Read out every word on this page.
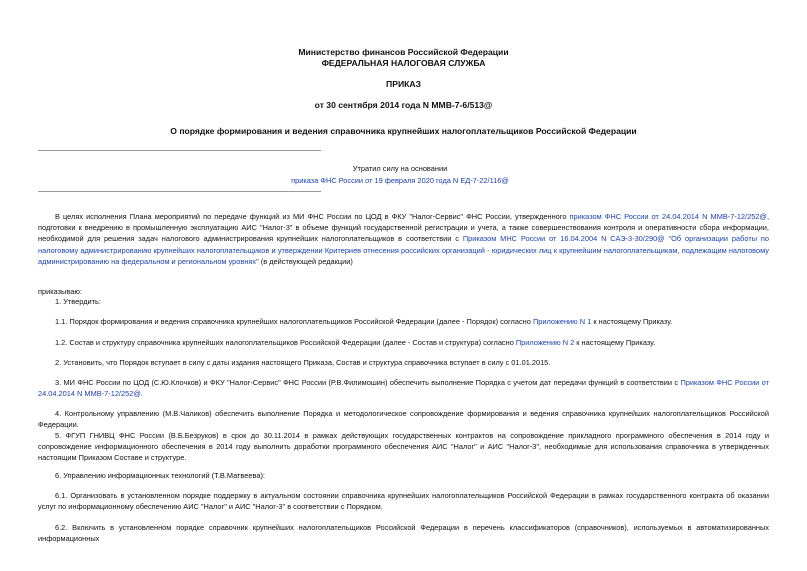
Министерство финансов Российской Федерации
ФЕДЕРАЛЬНАЯ НАЛОГОВАЯ СЛУЖБА
ПРИКАЗ
от 30 сентября 2014 года N ММВ-7-6/513@
О порядке формирования и ведения справочника крупнейших налогоплательщиков Российской Федерации
Утратил силу на основании
приказа ФНС России от 19 февраля 2020 года N ЕД-7-22/116@
В целях исполнения Плана мероприятий по передаче функций из МИ ФНС России по ЦОД в ФКУ "Налог-Сервис" ФНС России, утвержденного приказом ФНС России от 24.04.2014 N ММВ-7-12/252@, подготовки к внедрению в промышленную эксплуатацию АИС "Налог-3" в объеме функций государственной регистрации и учета, а также совершенствования контроля и оперативности сбора информации, необходимой для решения задач налогового администрирования крупнейших налогоплательщиков в соответствии с Приказом МНС России от 16.04.2004 N САЭ-3-30/290@ "Об организации работы по налоговому администрированию крупнейших налогоплательщиков и утверждении Критериев отнесения российских организаций - юридических лиц к крупнейшим налогоплательщикам, подлежащим налоговому администрированию на федеральном и региональном уровнях" (в действующей редакции)
приказываю:
1. Утвердить:
1.1. Порядок формирования и ведения справочника крупнейших налогоплательщиков Российской Федерации (далее - Порядок) согласно Приложению N 1 к настоящему Приказу.
1.2. Состав и структуру справочника крупнейших налогоплательщиков Российской Федерации (далее - Состав и структура) согласно Приложению N 2 к настоящему Приказу.
2. Установить, что Порядок вступает в силу с даты издания настоящего Приказа, Состав и структура справочника вступает в силу с 01.01.2015.
3. МИ ФНС России по ЦОД (С.Ю.Клочков) и ФКУ "Налог-Сервис" ФНС России (Р.В.Филимошин) обеспечить выполнение Порядка с учетом дат передачи функций в соответствии с Приказом ФНС России от 24.04.2014 N ММВ-7-12/252@.
4. Контрольному управлению (М.В.Чаликов) обеспечить выполнение Порядка и методологическое сопровождение формирования и ведения справочника крупнейших налогоплательщиков Российской Федерации.
5. ФГУП ГНИВЦ ФНС России (В.Б.Безруков) в срок до 30.11.2014 в рамках действующих государственных контрактов на сопровождение прикладного программного обеспечения в 2014 году и сопровождение информационного обеспечения в 2014 году выполнить доработки программного обеспечения АИС "Налог" и АИС "Налог-3", необходимые для использования справочника в утвержденных настоящим Приказом Составе и структуре.
6. Управлению информационных технологий (Т.В.Матвеева):
6.1. Организовать в установленном порядке поддержку в актуальном состоянии справочника крупнейших налогоплательщиков Российской Федерации в рамках государственного контракта об оказании услуг по информационному обеспечению АИС "Налог" и АИС "Налог-3" в соответствии с Порядком.
6.2. Включить в установленном порядке справочник крупнейших налогоплательщиков Российской Федерации в перечень классификаторов (справочников), используемых в автоматизированных информационных
